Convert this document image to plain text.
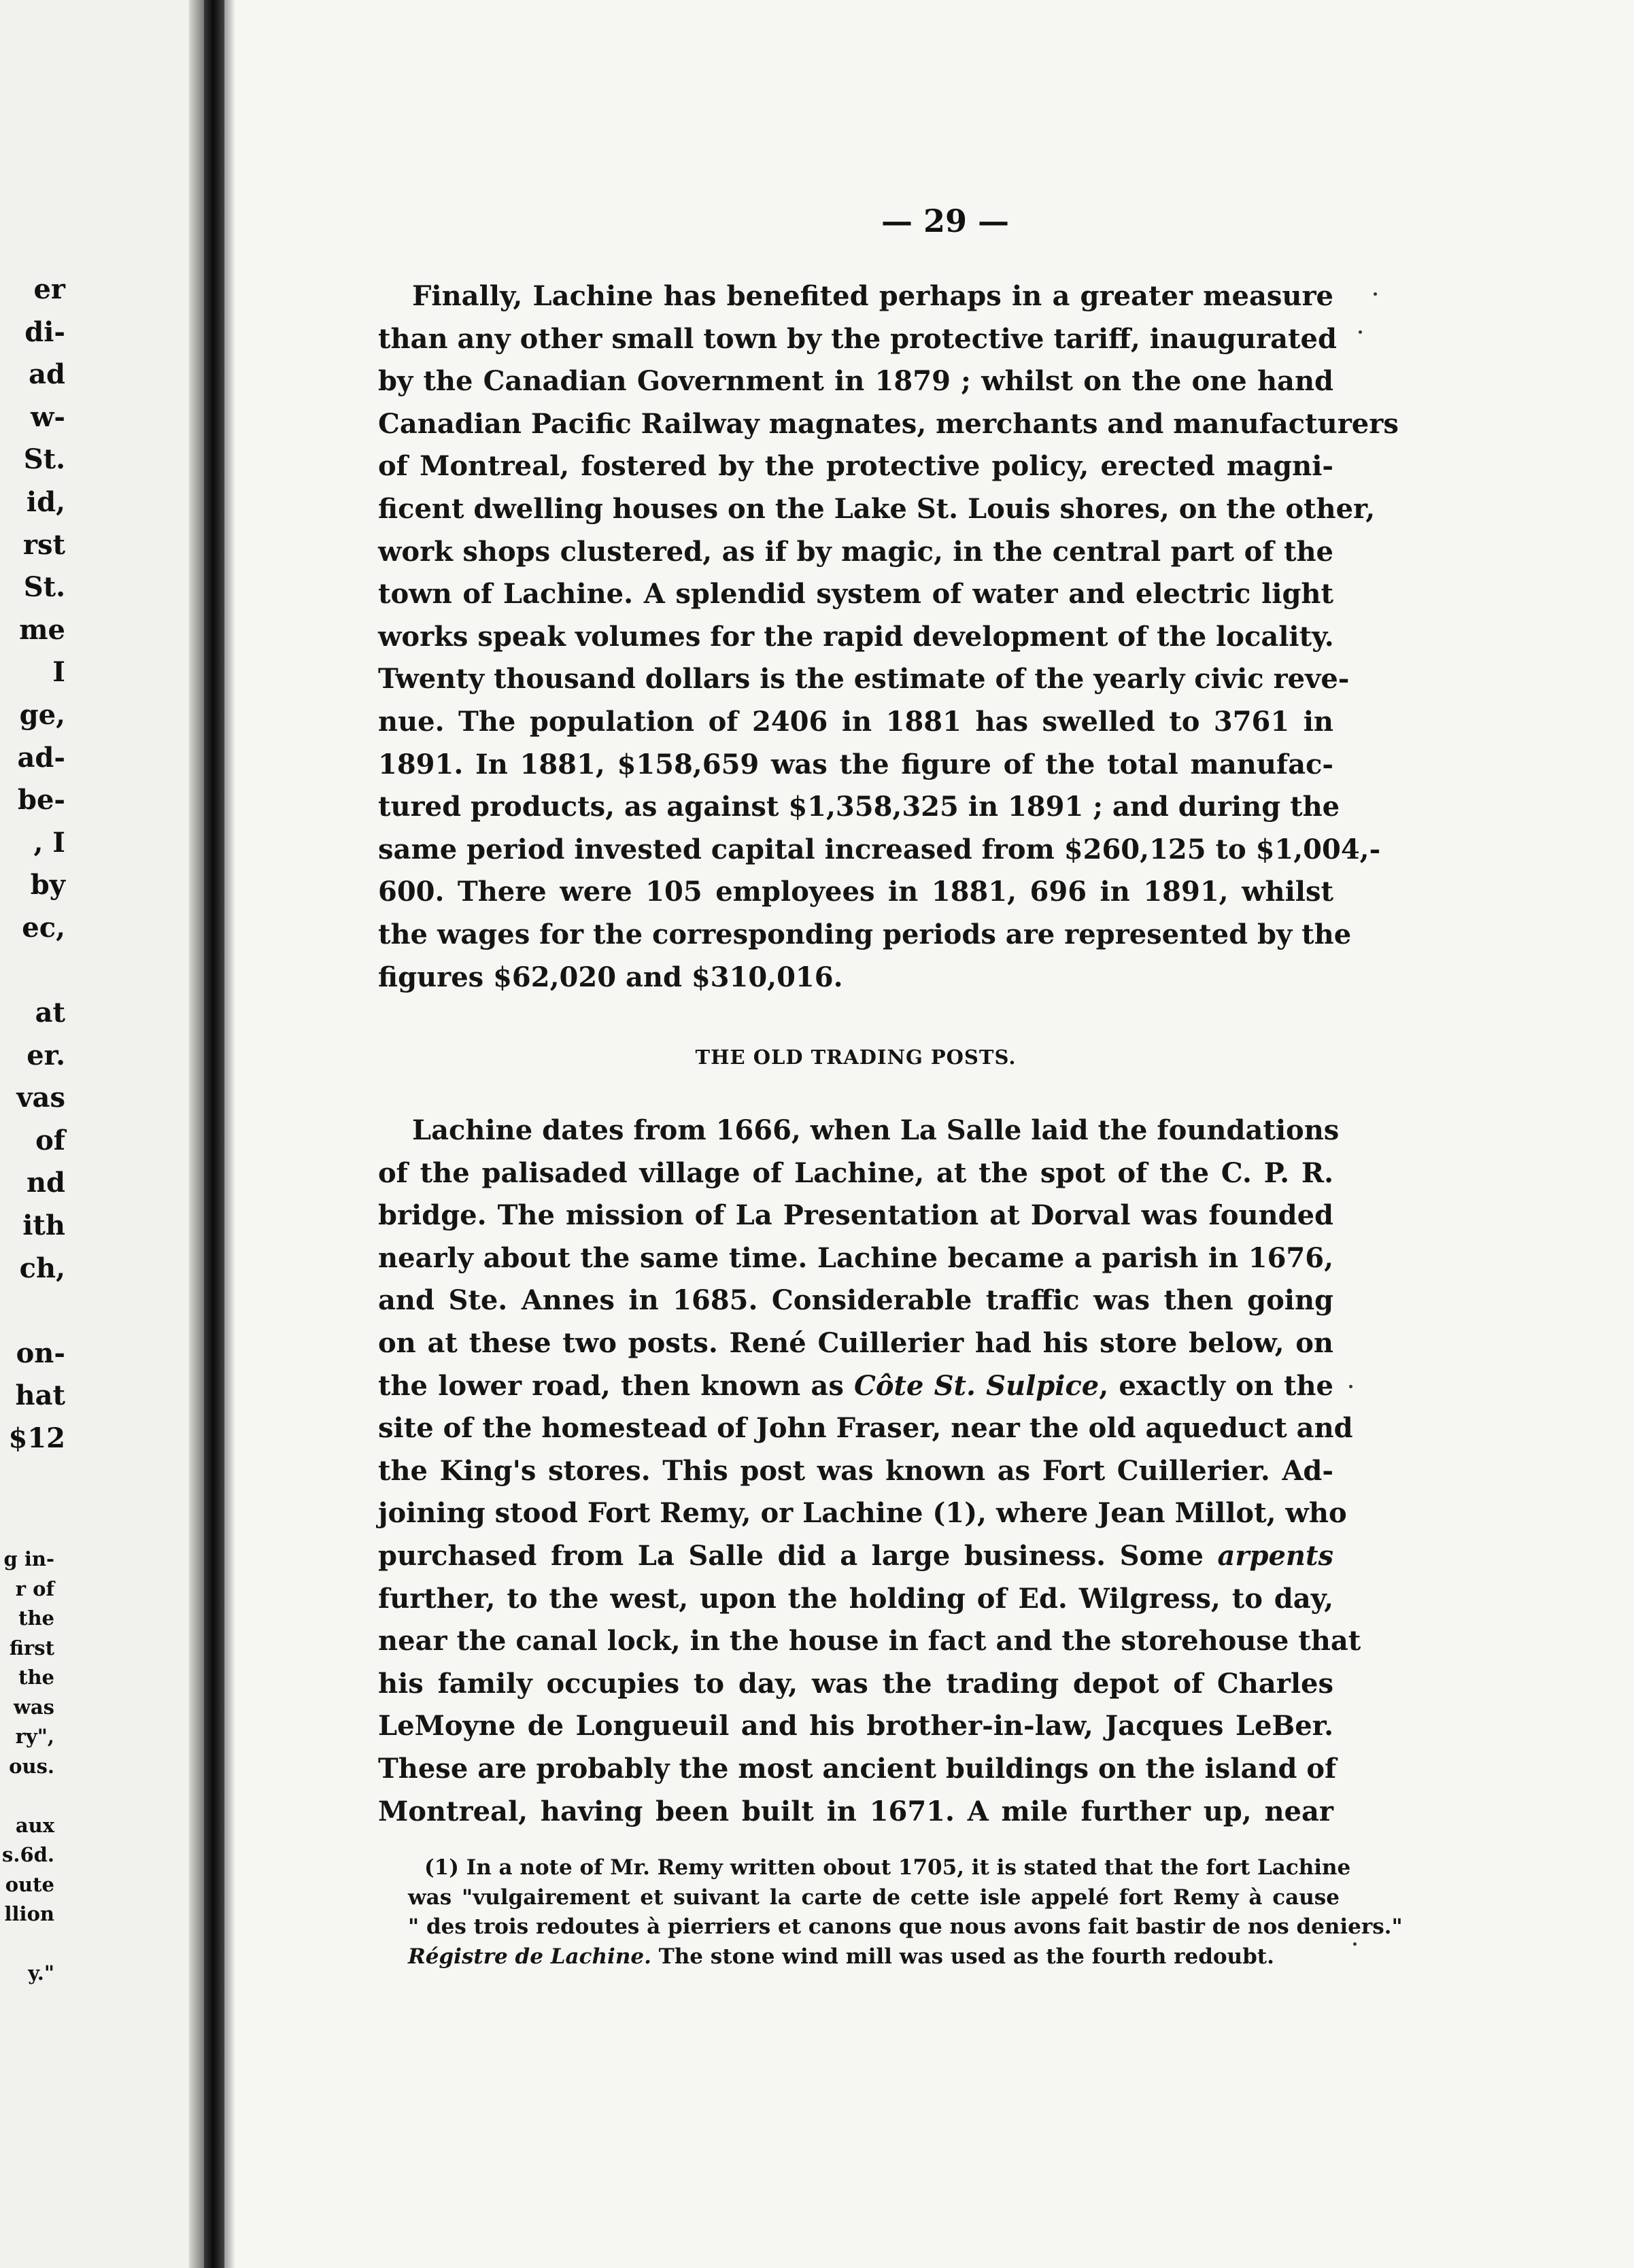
er
di-
ad
w-
St.
id,
rst
St.
me
I
ge,
ad-
be-
, I
by
ec,
at
er.
vas
of
nd
ith
ch,
on-
hat
$12
g in-
r of
the
first
the
was
ry",
ous.
aux
s.6d.
oute
llion
y."
— 29 —
Finally, Lachine has benefited perhaps in a greater measure
than any other small town by the protective tariff, inaugurated
by the Canadian Government in 1879 ; whilst on the one hand
Canadian Pacific Railway magnates, merchants and manufacturers
of Montreal, fostered by the protective policy, erected magni-
ficent dwelling houses on the Lake St. Louis shores, on the other,
work shops clustered, as if by magic, in the central part of the
town of Lachine. A splendid system of water and electric light
works speak volumes for the rapid development of the locality.
Twenty thousand dollars is the estimate of the yearly civic reve-
nue. The population of 2406 in 1881 has swelled to 3761 in
1891. In 1881, $158,659 was the figure of the total manufac-
tured products, as against $1,358,325 in 1891 ; and during the
same period invested capital increased from $260,125 to $1,004,-
600. There were 105 employees in 1881, 696 in 1891, whilst
the wages for the corresponding periods are represented by the
figures $62,020 and $310,016.
THE OLD TRADING POSTS.
Lachine dates from 1666, when La Salle laid the foundations
of the palisaded village of Lachine, at the spot of the C. P. R.
bridge. The mission of La Presentation at Dorval was founded
nearly about the same time. Lachine became a parish in 1676,
and Ste. Annes in 1685. Considerable traffic was then going
on at these two posts. René Cuillerier had his store below, on
the lower road, then known as Côte St. Sulpice, exactly on the
site of the homestead of John Fraser, near the old aqueduct and
the King's stores. This post was known as Fort Cuillerier. Ad-
joining stood Fort Remy, or Lachine (1), where Jean Millot, who
purchased from La Salle did a large business. Some arpents
further, to the west, upon the holding of Ed. Wilgress, to day,
near the canal lock, in the house in fact and the storehouse that
his family occupies to day, was the trading depot of Charles
LeMoyne de Longueuil and his brother-in-law, Jacques LeBer.
These are probably the most ancient buildings on the island of
Montreal, having been built in 1671. A mile further up, near
(1) In a note of Mr. Remy written obout 1705, it is stated that the fort Lachine
was "vulgairement et suivant la carte de cette isle appelé fort Remy à cause
" des trois redoutes à pierriers et canons que nous avons fait bastir de nos deniers."
Régistre de Lachine. The stone wind mill was used as the fourth redoubt.
